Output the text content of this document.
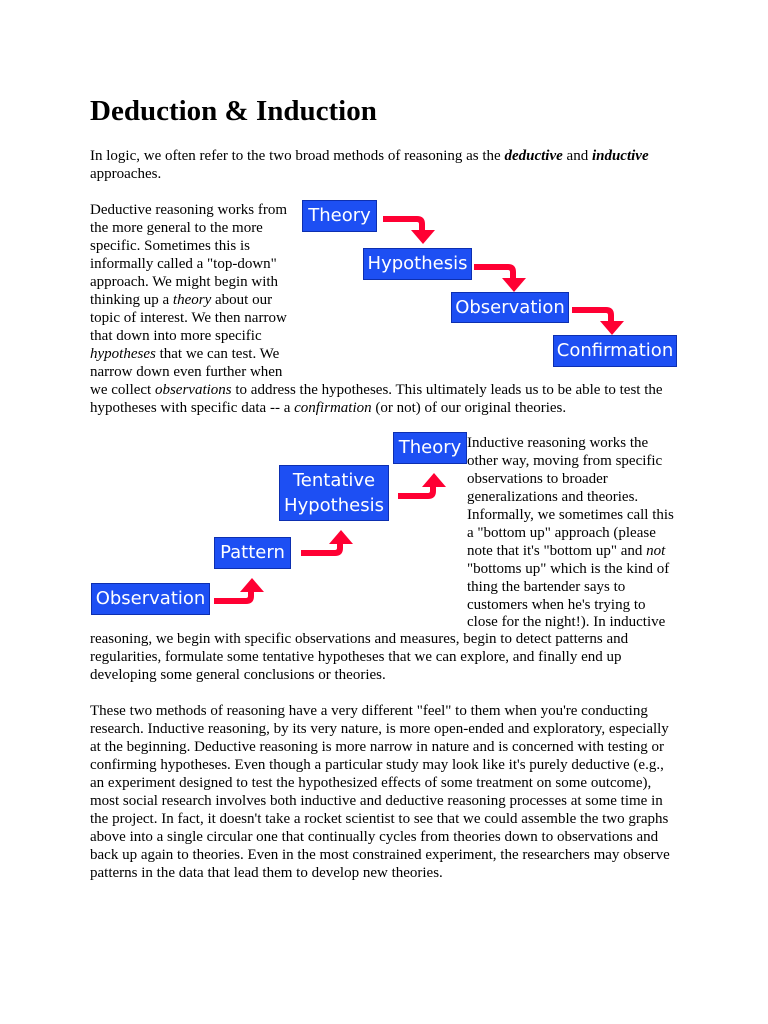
Deduction & Induction

In logic, we often refer to the two broad methods of reasoning as the deductive and inductive

approaches.

Deductive reasoning works from

the more general to the more

specific. Sometimes this is

informally called a "top-down"

approach. We might begin with

thinking up a theory about our

topic of interest. We then narrow

that down into more specific

hypotheses that we can test. We

narrow down even further when

we collect observations to address the hypotheses. This ultimately leads us to be able to test the

hypotheses with specific data -- a confirmation (or not) of our original theories.

Theory
Hypothesis
Observation
Confirmation
Observation
Pattern
Tentative Hypothesis
Theory Inductive reasoning works the

other way, moving from specific

observations to broader

generalizations and theories.

Informally, we sometimes call this

a "bottom up" approach (please

note that it's "bottom up" and not

"bottoms up" which is the kind of

thing the bartender says to

customers when he's trying to

close for the night!). In inductive

reasoning, we begin with specific observations and measures, begin to detect patterns and

regularities, formulate some tentative hypotheses that we can explore, and finally end up

developing some general conclusions or theories.

These two methods of reasoning have a very different "feel" to them when you're conducting

research. Inductive reasoning, by its very nature, is more open-ended and exploratory, especially

at the beginning. Deductive reasoning is more narrow in nature and is concerned with testing or

confirming hypotheses. Even though a particular study may look like it's purely deductive (e.g.,

an experiment designed to test the hypothesized effects of some treatment on some outcome),

most social research involves both inductive and deductive reasoning processes at some time in

the project. In fact, it doesn't take a rocket scientist to see that we could assemble the two graphs

above into a single circular one that continually cycles from theories down to observations and

back up again to theories. Even in the most constrained experiment, the researchers may observe

patterns in the data that lead them to develop new theories.
